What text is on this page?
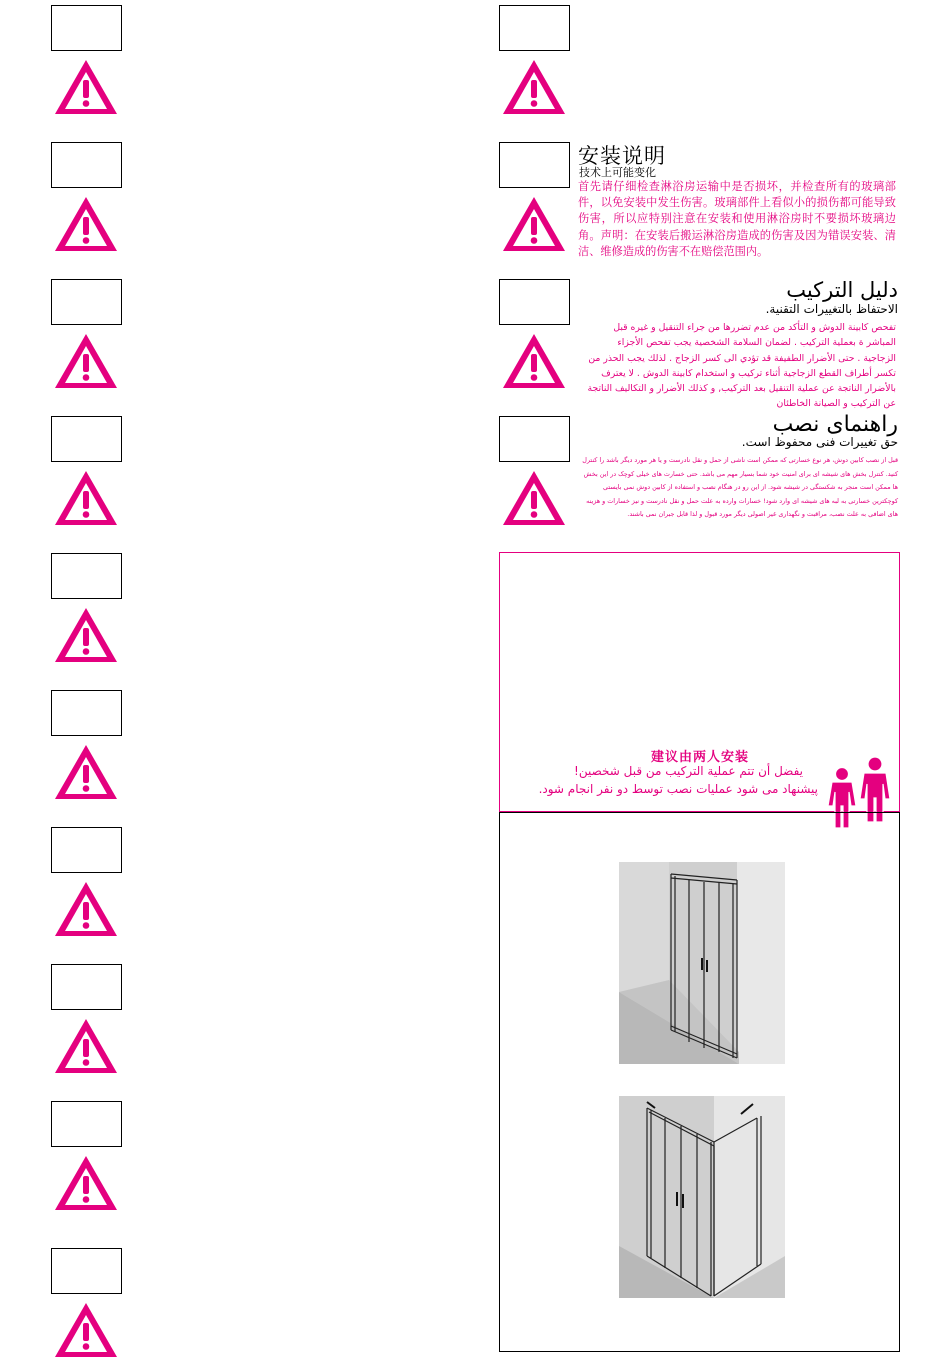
安装说明
技术上可能变化
首先请仔细检查淋浴房运输中是否损坏，并检查所有的玻璃部件，以免安装中发生伤害。玻璃部件上看似小的损伤都可能导致伤害，所以应特别注意在安装和使用淋浴房时不要损坏玻璃边角。声明：在安装后搬运淋浴房造成的伤害及因为错误安装、清洁、维修造成的伤害不在赔偿范围内。
دليل التركيب
الاحتفاظ بالتغييرات التقنية.
تفحص كابينة الدوش و التأكد من عدم تضررها من جراء التنقيل و غيره قبل المباشر ة بعملية التركيب . لضمان السلامة الشخصية يجب تفحص الأجزاء الزجاجية . حتى الأضرار الطفيفة قد تؤدي الى كسر الزجاج . لذلك يجب الحذر من تكسر أطراف القطع الزجاجية أثناء تركيب و استخدام كابينة الدوش . لا يعترف بالأضرار الناتجة عن عملية التنقيل بعد التركيب, و كذلك الأضرار و التكاليف الناتجة عن التركيب و الصيانة الخاطئان
راهنمای نصب
حق تغییرات فنی محفوظ است.
قبل از نصب کابین دوش، هر نوع خسارتی که ممکن است ناشی از حمل و نقل نادرست و یا هر مورد دیگر باشد را کنترل کنید. کنترل بخش های شیشه ای برای امنیت خود شما بسیار مهم می باشد. حتی خسارت های خیلی کوچک در این بخش ها ممکن است منجر به شکستگی در شیشه شود. از این رو در هنگام نصب و استفاده از کابین دوش نمی بایستی کوچکترین خسارتی به لبه های شیشه ای وارد شود! خسارات وارده به علت حمل و نقل نادرست و نیز خسارات و هزینه های اضافی به علت نصب، مراقبت و نگهداری غیر اصولی دیگر مورد قبول و لذا قابل جبران نمی باشند.
建议由两人安装
يفضل أن تتم عملية التركيب من قبل شخصين!
پیشنهاد می شود عملیات نصب توسط دو نفر انجام شود.
